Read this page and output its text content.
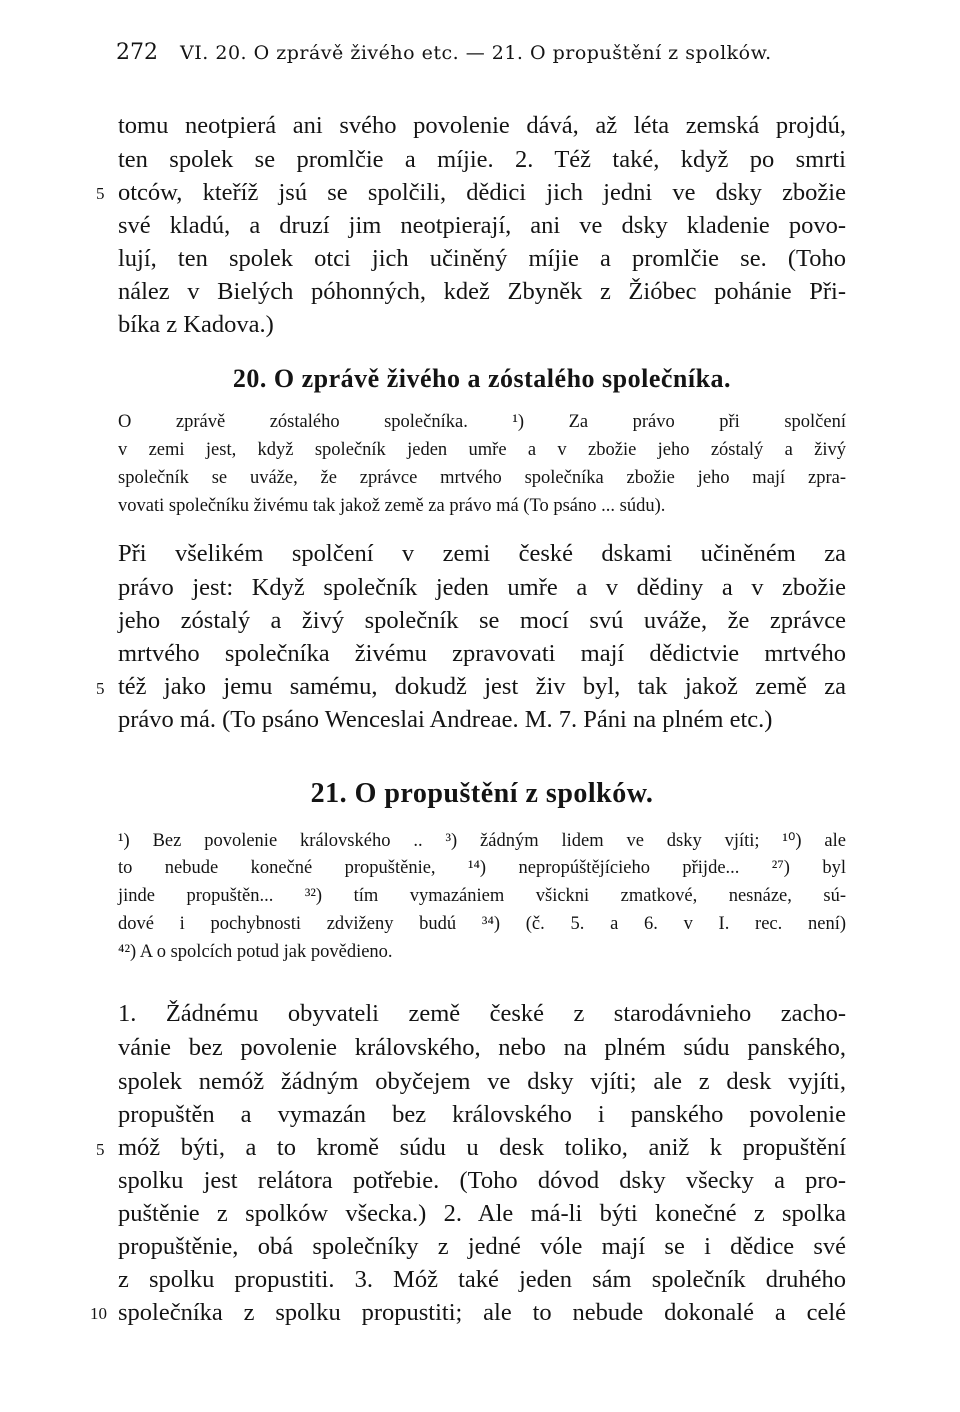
272 VI. 20. O zprávě živého etc. — 21. O propuštění z spolków.
tomu neotpierá ani svého povolenie dává, až léta zemská projdú,
ten spolek se promlčie a míjie. 2. Též také, když po smrti
5 otców, kteříž jsú se spolčili, dědici jich jedni ve dsky zbožie
své kladú, a druzí jim neotpierají, ani ve dsky kladenie povo-
lují, ten spolek otci jich učiněný míjie a promlčie se. (Toho
nález v Bielých póhonných, kdež Zbyněk z Žióbec pohánie Při-
bíka z Kadova.)
20. O zprávě živého a zóstalého společníka.
O zprávě zóstalého společníka. ¹) Za právo při spolčení
v zemi jest, když společník jeden umře a v zbožie jeho zóstalý a živý
společník se uváže, že zprávce mrtvého společníka zbožie jeho mají zpra-
vovati společníku živému tak jakož země za právo má (To psáno ... súdu).
Při všelikém spolčení v zemi české dskami učiněném za
právo jest: Když společník jeden umře a v dědiny a v zbožie
jeho zóstalý a živý společník se mocí svú uváže, že zprávce
mrtvého společníka živému zpravovati mají dědictvie mrtvého
5 též jako jemu samému, dokudž jest živ byl, tak jakož země za
právo má. (To psáno Wenceslai Andreae. M. 7. Páni na plném etc.)
21. O propuštění z spolków.
¹) Bez povolenie královského .. ³) žádným lidem ve dsky vjíti; ¹⁰) ale
to nebude konečné propuštěnie, ¹⁴) nepropúštějícieho přijde... ²⁷) byl
jinde propuštěn... ³²) tím vymazániem všickni zmatkové, nesnáze, sú-
dové i pochybnosti zdviženy budú ³⁴) (č. 5. a 6. v I. rec. není)
⁴²) A o spolcích potud jak povědieno.
1. Žádnému obyvateli země české z starodávnieho zacho-
vánie bez povolenie královského, nebo na plném súdu panského,
spolek nemóž žádným obyčejem ve dsky vjíti; ale z desk vyjíti,
propuštěn a vymazán bez královského i panského povolenie
5 móž býti, a to kromě súdu u desk toliko, aniž k propuštění
spolku jest relátora potřebie. (Toho dóvod dsky všecky a pro-
puštěnie z spolków všecka.) 2. Ale má-li býti konečné z spolka
propuštěnie, obá společníky z jedné vóle mají se i dědice své
z spolku propustiti. 3. Móž také jeden sám společník druhého
10 společníka z spolku propustiti; ale to nebude dokonalé a celé
